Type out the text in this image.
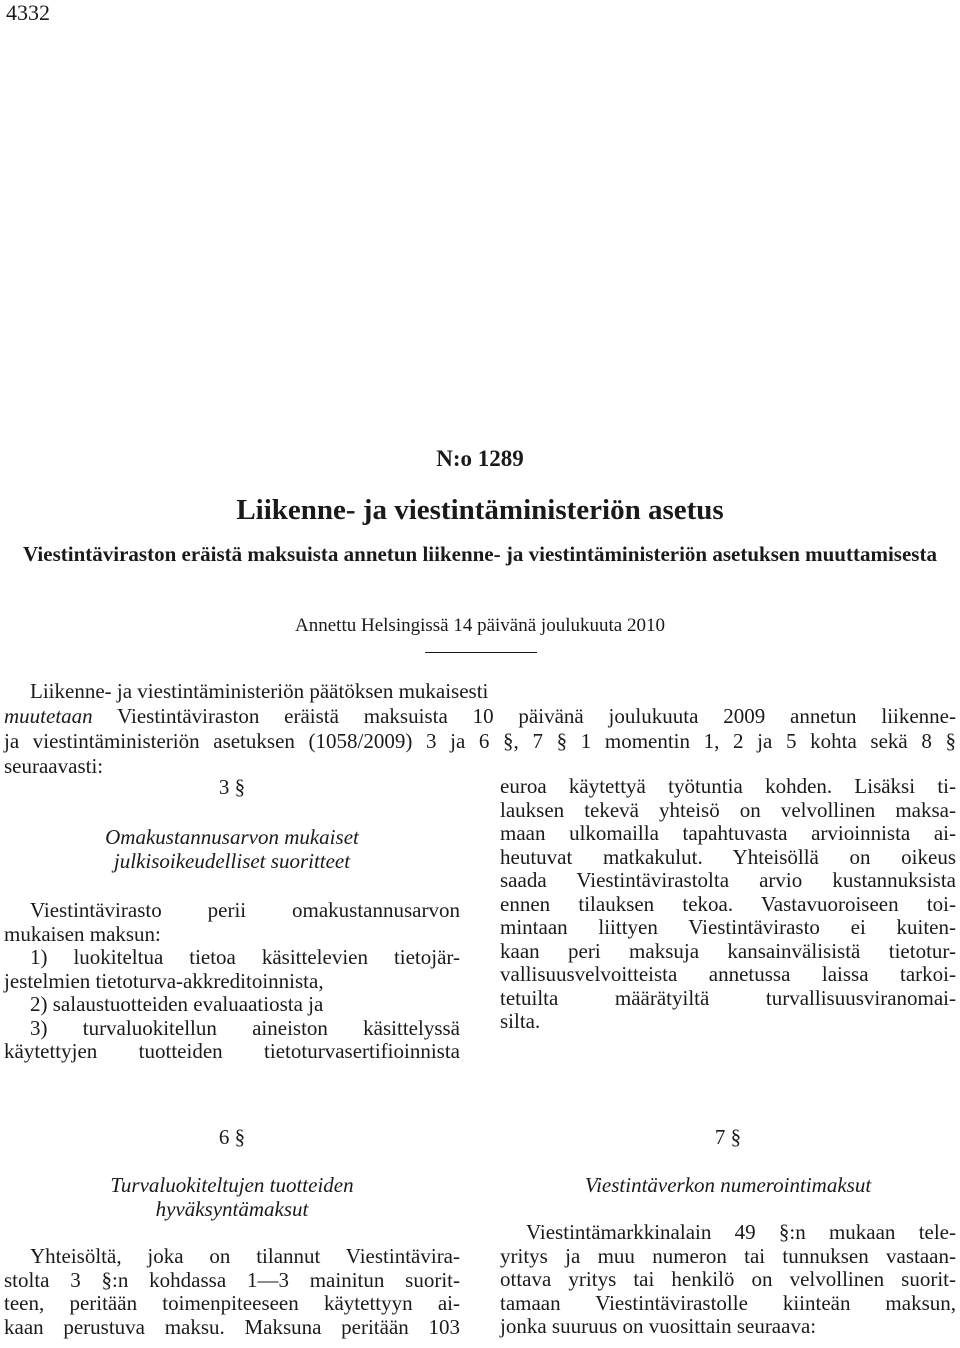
4332
N:o 1289
Liikenne- ja viestintäministeriön asetus
Viestintäviraston eräistä maksuista annetun liikenne- ja viestintäministeriön asetuksen muuttamisesta
Annettu Helsingissä 14 päivänä joulukuuta 2010
Liikenne- ja viestintäministeriön päätöksen mukaisesti
muutetaan Viestintäviraston eräistä maksuista 10 päivänä joulukuuta 2009 annetun liikenne-
ja viestintäministeriön asetuksen (1058/2009) 3 ja 6 §, 7 § 1 momentin 1, 2 ja 5 kohta sekä 8 §
seuraavasti:
3 §
Omakustannusarvon mukaiset
julkisoikeudelliset suoritteet
Viestintävirasto perii omakustannusarvon
mukaisen maksun:
1) luokiteltua tietoa käsittelevien tietojär-
jestelmien tietoturva-akkreditoinnista,
2) salaustuotteiden evaluaatiosta ja
3) turvaluokitellun aineiston käsittelyssä
käytettyjen tuotteiden tietoturvasertifioinnista
euroa käytettyä työtuntia kohden. Lisäksi ti-
lauksen tekevä yhteisö on velvollinen maksa-
maan ulkomailla tapahtuvasta arvioinnista ai-
heutuvat matkakulut. Yhteisöllä on oikeus
saada Viestintävirastolta arvio kustannuksista
ennen tilauksen tekoa. Vastavuoroiseen toi-
mintaan liittyen Viestintävirasto ei kuiten-
kaan peri maksuja kansainvälisistä tietotur-
vallisuusvelvoitteista annetussa laissa tarkoi-
tetuilta määrätyiltä turvallisuusviranomai-
silta.
6 §
Turvaluokiteltujen tuotteiden
hyväksyntämaksut
Yhteisöltä, joka on tilannut Viestintävira-
stolta 3 §:n kohdassa 1—3 mainitun suorit-
teen, peritään toimenpiteeseen käytettyyn ai-
kaan perustuva maksu. Maksuna peritään 103
7 §
Viestintäverkon numerointimaksut
Viestintämarkkinalain 49 §:n mukaan tele-
yritys ja muu numeron tai tunnuksen vastaan-
ottava yritys tai henkilö on velvollinen suorit-
tamaan Viestintävirastolle kiinteän maksun,
jonka suuruus on vuosittain seuraava:
